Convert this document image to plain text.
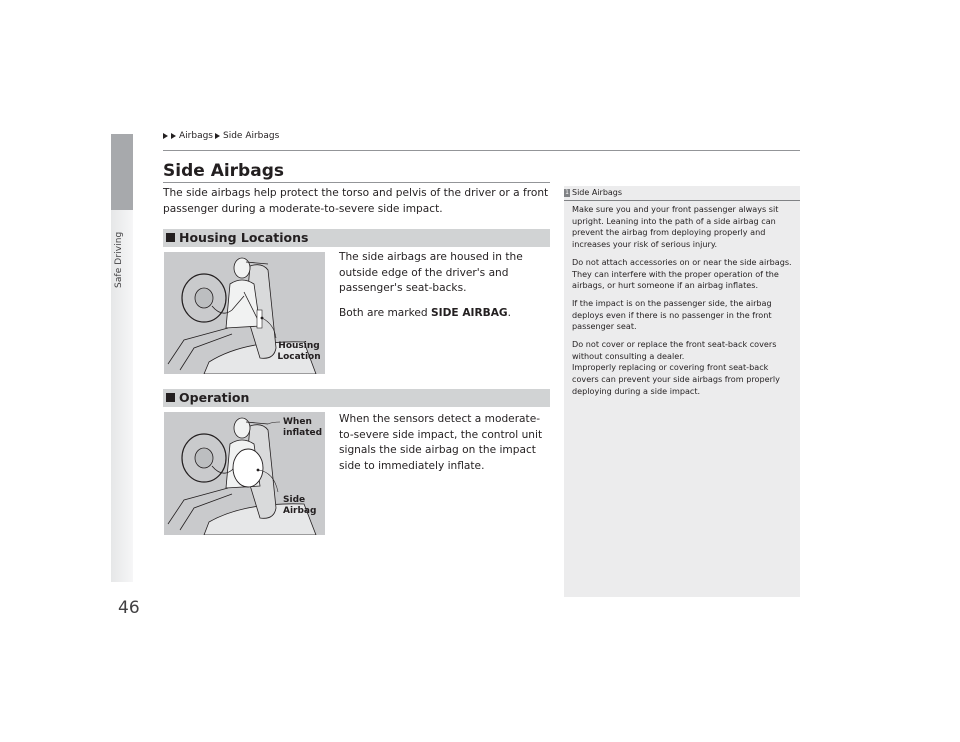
Safe Driving
46
Airbags Side Airbags
Side Airbags
The side airbags help protect the torso and pelvis of the driver or a front passenger during a moderate-to-severe side impact.
Housing Locations
Housing Location
The side airbags are housed in the outside edge of the driver's and passenger's seat-backs.
Both are marked SIDE AIRBAG.
Operation
When inflated
Side Airbag
When the sensors detect a moderate-to-severe side impact, the control unit signals the side airbag on the impact side to immediately inflate.
1 Side Airbags

Make sure you and your front passenger always sit upright. Leaning into the path of a side airbag can prevent the airbag from deploying properly and increases your risk of serious injury.

Do not attach accessories on or near the side airbags. They can interfere with the proper operation of the airbags, or hurt someone if an airbag inflates.

If the impact is on the passenger side, the airbag deploys even if there is no passenger in the front passenger seat.

Do not cover or replace the front seat-back covers without consulting a dealer.
Improperly replacing or covering front seat-back covers can prevent your side airbags from properly deploying during a side impact.
